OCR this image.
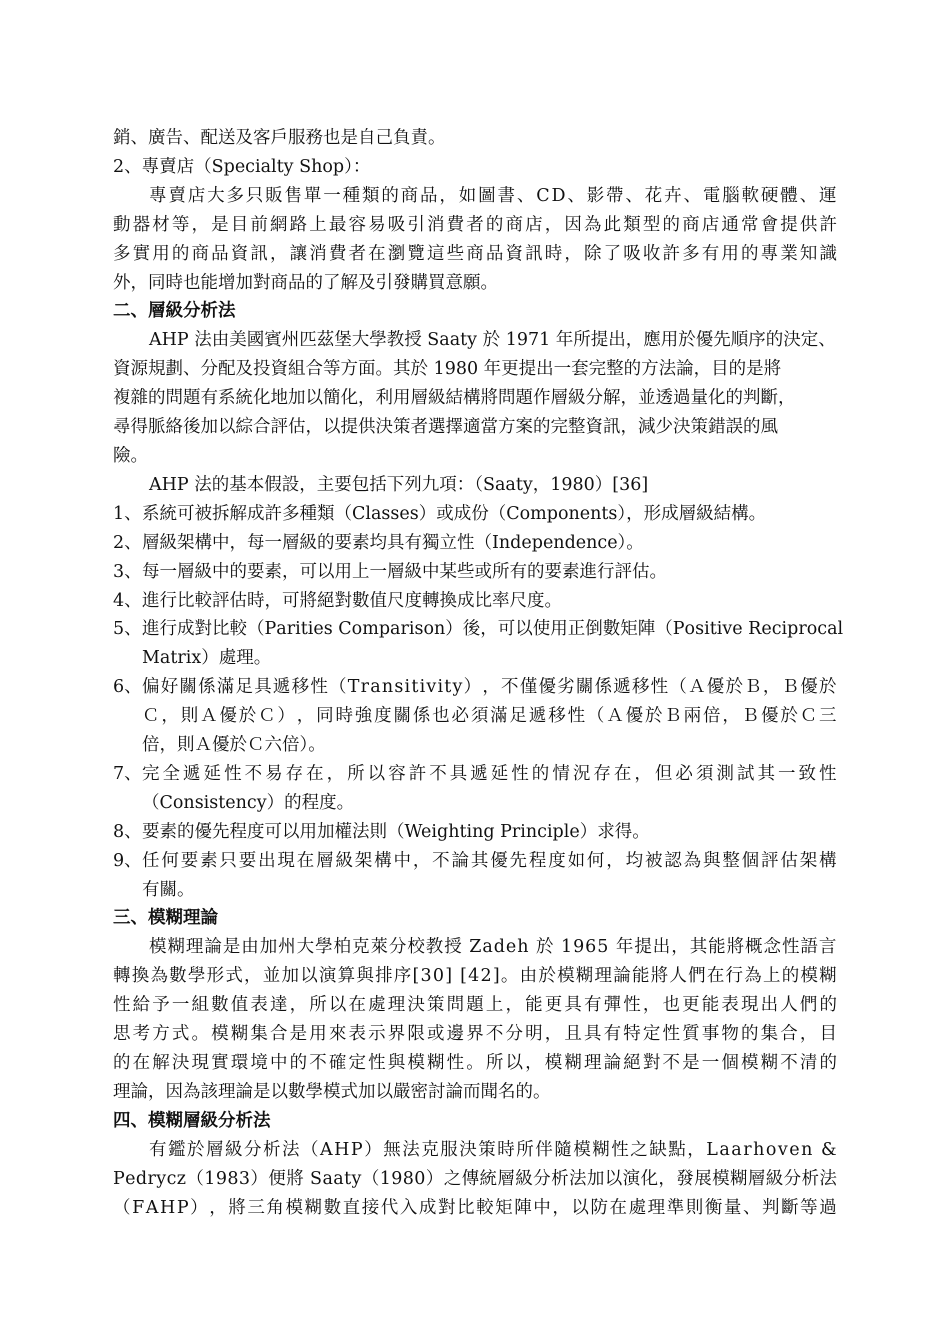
銷、廣告、配送及客戶服務也是自己負責。
2、專賣店（Specialty Shop）：
專 賣 店 大 多 只 販 售 單 一 種 類 的 商 品 ， 如 圖 書 、 C D 、 影 帶 、 花 卉 、 電 腦 軟 硬 體 、 運
動 器 材 等 ， 是 目 前 網 路 上 最 容 易 吸 引 消 費 者 的 商 店 ， 因 為 此 類 型 的 商 店 通 常 會 提 供 許
多 實 用 的 商 品 資 訊 ， 讓 消 費 者 在 瀏 覽 這 些 商 品 資 訊 時 ， 除 了 吸 收 許 多 有 用 的 專 業 知 識
外，同時也能增加對商品的了解及引發購買意願。
二、層級分析法
AHP 法由美國賓州匹茲堡大學教授 Saaty 於 1971 年所提出，應用於優先順序的決定、
資源規劃、分配及投資組合等方面。其於 1980 年更提出一套完整的方法論，目的是將
複雜的問題有系統化地加以簡化，利用層級結構將問題作層級分解，並透過量化的判斷，
尋得脈絡後加以綜合評估，以提供決策者選擇適當方案的完整資訊，減少決策錯誤的風
險。
AHP 法的基本假設，主要包括下列九項：（Saaty，1980）[36]
1、 系統可被拆解成許多種類（Classes）或成份（Components），形成層級結構。
2、 層級架構中，每一層級的要素均具有獨立性（Independence）。
3、 每一層級中的要素，可以用上一層級中某些或所有的要素進行評估。
4、 進行比較評估時，可將絕對數值尺度轉換成比率尺度。
5、 進 行 成 對 比 較 （ P a r i t i e s
C o m p a r i s o n ） 後 ， 可 以 使 用 正 倒 數 矩 陣 （ P o s i t i v e
R e c i p r o c a l
Matrix）處理。
6、 偏 好 關 係 滿 足 具 遞 移 性 （ T r a n s i t i v i t y ） ， 不 僅 優 劣 關 係 遞 移 性 （ Ａ 優 於 Ｂ ， Ｂ 優 於
Ｃ ， 則 Ａ 優 於 Ｃ ） ， 同 時 強 度 關 係 也 必 須 滿 足 遞 移 性 （ Ａ 優 於 Ｂ 兩 倍 ， Ｂ 優 於 Ｃ 三
倍，則Ａ優於Ｃ六倍）。
7、 完 全 遞 延 性 不 易 存 在 ， 所 以 容 許 不 具 遞 延 性 的 情 況 存 在 ， 但 必 須 測 試 其 一 致 性
（Consistency）的程度。
8、 要素的優先程度可以用加權法則（Weighting Principle）求得。
9、 任 何 要 素 只 要 出 現 在 層 級 架 構 中 ， 不 論 其 優 先 程 度 如 何 ， 均 被 認 為 與 整 個 評 估 架 構
有關。
三、模糊理論
模 糊 理 論 是 由 加 州 大 學 柏 克 萊 分 校 教 授
Z a d e h
於
1 9 6 5
年 提 出 ， 其 能 將 概 念 性 語 言
轉 換 為 數 學 形 式 ， 並 加 以 演 算 與 排 序 [ 3 0 ]
[ 4 2 ] 。 由 於 模 糊 理 論 能 將 人 們 在 行 為 上 的 模 糊
性 給 予 一 組 數 值 表 達 ， 所 以 在 處 理 決 策 問 題 上 ， 能 更 具 有 彈 性 ， 也 更 能 表 現 出 人 們 的
思 考 方 式 。 模 糊 集 合 是 用 來 表 示 界 限 或 邊 界 不 分 明 ， 且 具 有 特 定 性 質 事 物 的 集 合 ， 目
的 在 解 決 現 實 環 境 中 的 不 確 定 性 與 模 糊 性 。 所 以 ， 模 糊 理 論 絕 對 不 是 一 個 模 糊 不 清 的
理論，因為該理論是以數學模式加以嚴密討論而聞名的。
四、模糊層級分析法
有 鑑 於 層 級 分 析 法 （ A H P ） 無 法 克 服 決 策 時 所 伴 隨 模 糊 性 之 缺 點 ， L a a r h o v e n
&
P e d r y c z （ 1 9 8 3 ） 便 將
S a a t y （ 1 9 8 0 ） 之 傳 統 層 級 分 析 法 加 以 演 化 ， 發 展 模 糊 層 級 分 析 法
（ F A H P ） ， 將 三 角 模 糊 數 直 接 代 入 成 對 比 較 矩 陣 中 ， 以 防 在 處 理 準 則 衡 量 、 判 斷 等 過
